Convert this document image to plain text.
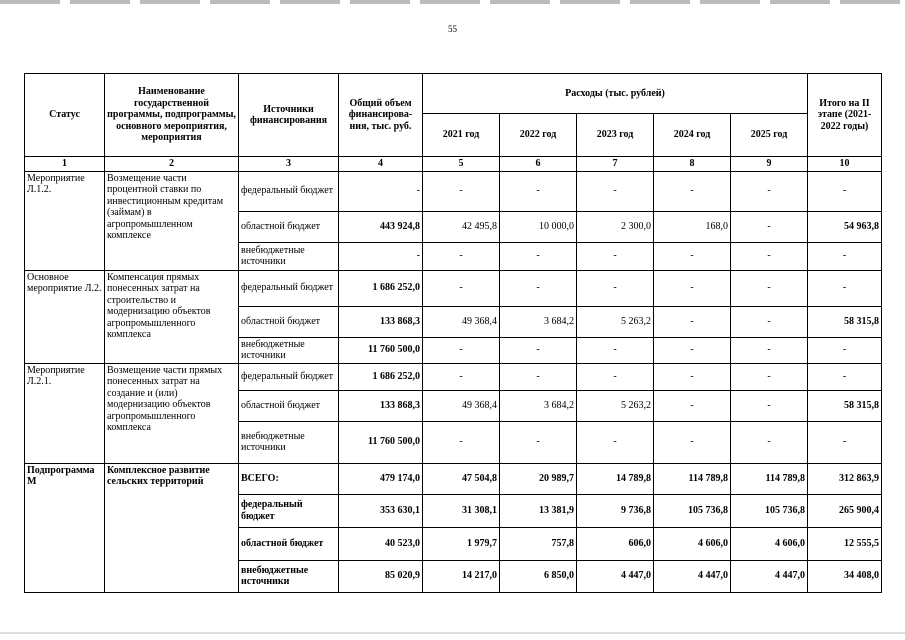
55
Статус	Наименование государственной программы, подпрограммы, основного мероприятия, мероприятия	Источники финансирования	Общий объем финансирова-ния, тыс. руб.	Расходы (тыс. рублей)					Итого на II этапе (2021-2022 годы)
				2021 год	2022 год	2023 год	2024 год	2025 год	
1	2	3	4	5	6	7	8	9	10
Мероприятие Л.1.2.	Возмещение части процентной ставки по инвестиционным кредитам (займам) в агропромышленном комплексе	федеральный бюджет	-	-	-	-	-	-	-
		областной бюджет	443 924,8	42 495,8	10 000,0	2 300,0	168,0	-	54 963,8
		внебюджетные источники	-	-	-	-	-	-	-
Основное мероприятие Л.2.	Компенсация прямых понесенных затрат на строительство и модернизацию объектов агропромышленного комплекса	федеральный бюджет	1 686 252,0	-	-	-	-	-	-
		областной бюджет	133 868,3	49 368,4	3 684,2	5 263,2	-	-	58 315,8
		внебюджетные источники	11 760 500,0	-	-	-	-	-	-
Мероприятие Л.2.1.	Возмещение части прямых понесенных затрат на создание и (или) модернизацию объектов агропромышленного комплекса	федеральный бюджет	1 686 252,0	-	-	-	-	-	-
		областной бюджет	133 868,3	49 368,4	3 684,2	5 263,2	-	-	58 315,8
		внебюджетные источники	11 760 500,0	-	-	-	-	-	-
Подпрограмма М	Комплексное развитие сельских территорий	ВСЕГО:	479 174,0	47 504,8	20 989,7	14 789,8	114 789,8	114 789,8	312 863,9
		федеральный бюджет	353 630,1	31 308,1	13 381,9	9 736,8	105 736,8	105 736,8	265 900,4
		областной бюджет	40 523,0	1 979,7	757,8	606,0	4 606,0	4 606,0	12 555,5
		внебюджетные источники	85 020,9	14 217,0	6 850,0	4 447,0	4 447,0	4 447,0	34 408,0
